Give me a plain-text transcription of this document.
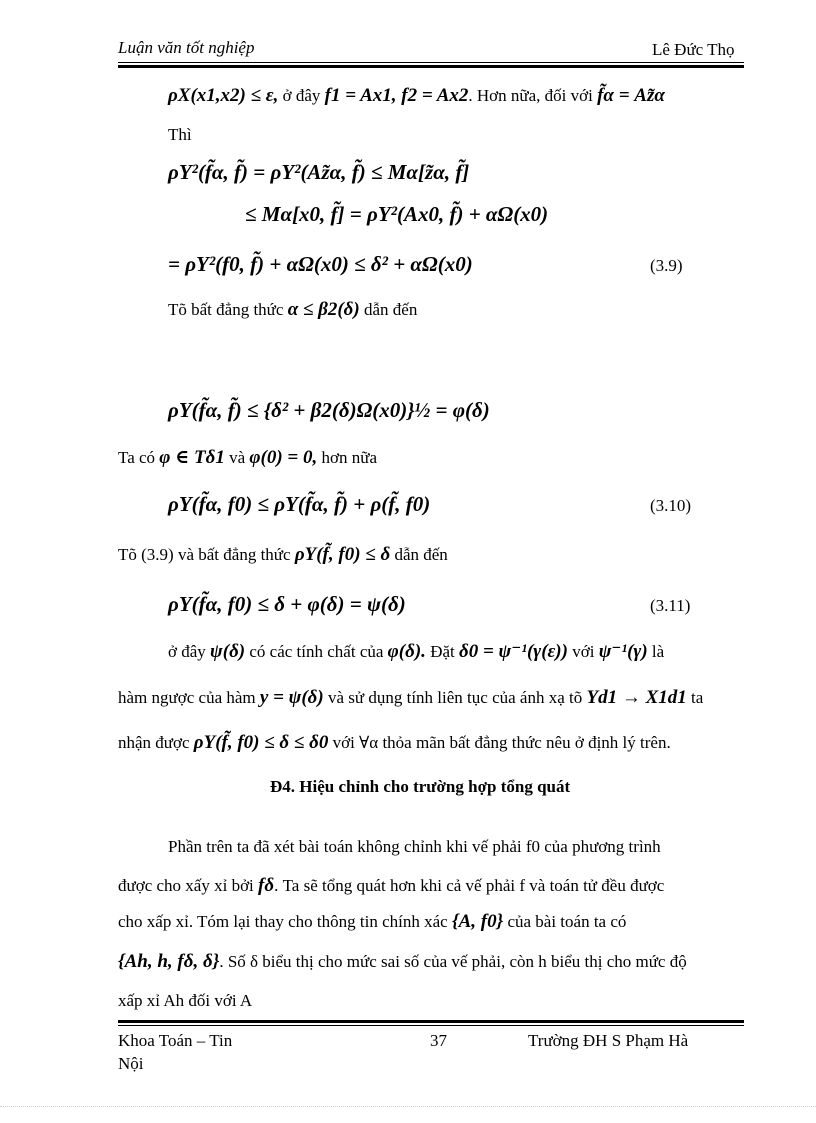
Luận văn tốt nghiệp	Lê Đức Thọ
ρX(x1,x2) ≤ ε, ở đây f1 = Ax1, f2 = Ax2. Hơn nữa, đối với f̃α = Az̃α
Thì
ρY²(f̃α, f̃) = ρY²(Az̃α, f̃) ≤ Mα[z̃α, f̃]
≤ Mα[x0, f̃] = ρY²(Ax0, f̃) + αΩ(x0)
= ρY²(f0, f̃) + αΩ(x0) ≤ δ² + αΩ(x0)	(3.9)
Tõ bất đẳng thức α ≤ β2(δ) dẫn đến
ρY(f̃α, f̃) ≤ {δ² + β2(δ)Ω(x0)}½ = φ(δ)
Ta có φ ∈ Tδ1 và φ(0) = 0, hơn nữa
ρY(f̃α, f0) ≤ ρY(f̃α, f̃) + ρ(f̃, f0)	(3.10)
Tõ (3.9) và bất đẳng thức ρY(f̃, f0) ≤ δ dẫn đến
ρY(f̃α, f0) ≤ δ + φ(δ) = ψ(δ)	(3.11)
ở đây ψ(δ) có các tính chất của φ(δ). Đặt δ0 = ψ⁻¹(γ(ε)) với ψ⁻¹(γ) là
hàm ngược của hàm y = ψ(δ) và sử dụng tính liên tục của ánh xạ tõ Yd1 → X1d1 ta
nhận được ρY(f̃, f0) ≤ δ ≤ δ0 với ∀α thỏa mãn bất đẳng thức nêu ở định lý trên.
Đ4. Hiệu chỉnh cho trường hợp tổng quát
Phần trên ta đã xét bài toán không chỉnh khi vế phải f0 của phương trình
được cho xấy xỉ bởi fδ. Ta sẽ tổng quát hơn khi cả vế phải f và toán tử đều được
cho xấp xỉ. Tóm lại thay cho thông tin chính xác {A, f0} của bài toán ta có
{Ah, h, fδ, δ}. Số δ biểu thị cho mức sai số của vế phải, còn h biểu thị cho mức độ
xấp xỉ Ah đối với A
Khoa Toán – Tin
Nội
37	Trường ĐH S Phạm Hà
